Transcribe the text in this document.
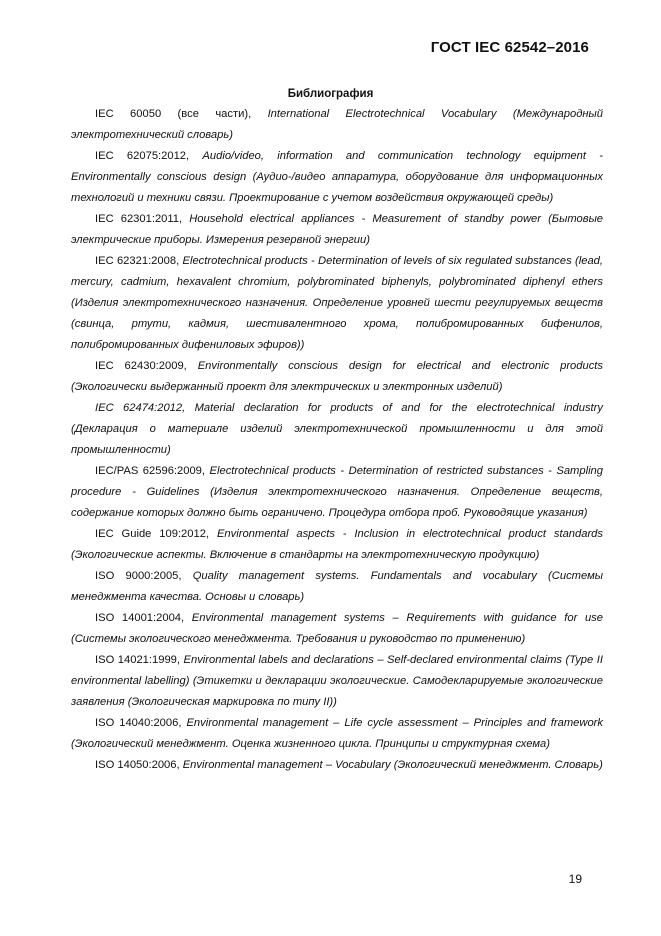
ГОСТ IEC 62542–2016
Библиография

IEC 60050 (все части), International Electrotechnical Vocabulary (Международный электротехнический словарь)

IEC 62075:2012, Audio/video, information and communication technology equipment - Environmentally conscious design (Аудио-/видео аппаратура, оборудование для информационных технологий и техники связи. Проектирование с учетом воздействия окружающей среды)

IEC 62301:2011, Household electrical appliances - Measurement of standby power (Бытовые электрические приборы. Измерения резервной энергии)

IEC 62321:2008, Electrotechnical products - Determination of levels of six regulated substances (lead, mercury, cadmium, hexavalent chromium, polybrominated biphenyls, polybrominated diphenyl ethers (Изделия электротехнического назначения. Определение уровней шести регулируемых веществ (свинца, ртути, кадмия, шестивалентного хрома, полибромированных бифенилов, полибромированных дифениловых эфиров))

IEC 62430:2009, Environmentally conscious design for electrical and electronic products (Экологически выдержанный проект для электрических и электронных изделий)

IEC 62474:2012, Material declaration for products of and for the electrotechnical industry (Декларация о материале изделий электротехнической промышленности и для этой промышленности)

IEC/PAS 62596:2009, Electrotechnical products - Determination of restricted substances - Sampling procedure - Guidelines (Изделия электротехнического назначения. Определение веществ, содержание которых должно быть ограничено. Процедура отбора проб. Руководящие указания)

IEC Guide 109:2012, Environmental aspects - Inclusion in electrotechnical product standards (Экологические аспекты. Включение в стандарты на электротехническую продукцию)

ISO 9000:2005, Quality management systems. Fundamentals and vocabulary (Системы менеджмента качества. Основы и словарь)

ISO 14001:2004, Environmental management systems – Requirements with guidance for use (Системы экологического менеджмента. Требования и руководство по применению)

ISO 14021:1999, Environmental labels and declarations – Self-declared environmental claims (Type II environmental labelling) (Этикетки и декларации экологические. Самодекларируемые экологические заявления (Экологическая маркировка по типу II))

ISO 14040:2006, Environmental management – Life cycle assessment – Principles and framework (Экологический менеджмент. Оценка жизненного цикла. Принципы и структурная схема)

ISO 14050:2006, Environmental management – Vocabulary (Экологический менеджмент. Словарь)

19
